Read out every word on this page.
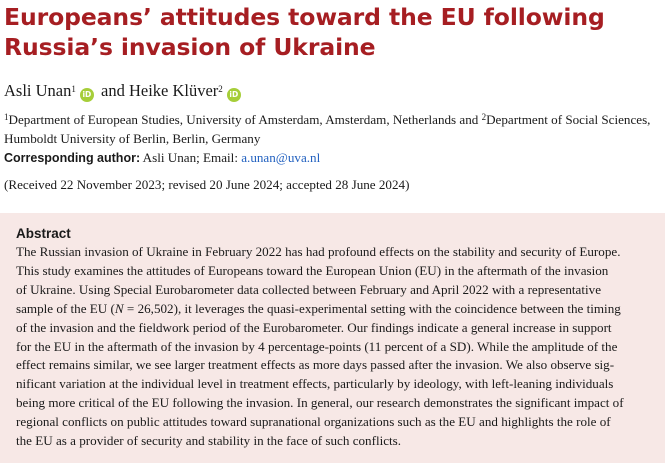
Europeans’ attitudes toward the EU following Russia’s invasion of Ukraine
Asli Unan$^1$iD and Heike Klüver$^2$iD
$^1$Department of European Studies, University of Amsterdam, Amsterdam, Netherlands and $^2$Department of Social Sciences,
Humboldt University of Berlin, Berlin, Germany
Corresponding author: Asli Unan; Email: a.unan@uva.nl
(Received 22 November 2023; revised 20 June 2024; accepted 28 June 2024)
Abstract

The Russian invasion of Ukraine in February 2022 has had profound effects on the stability and security of Europe.
This study examines the attitudes of Europeans toward the European Union (EU) in the aftermath of the invasion
of Ukraine. Using Special Eurobarometer data collected between February and April 2022 with a representative
sample of the EU (N = 26,502), it leverages the quasi-experimental setting with the coincidence between the timing
of the invasion and the fieldwork period of the Eurobarometer. Our findings indicate a general increase in support
for the EU in the aftermath of the invasion by 4 percentage-points (11 percent of a SD). While the amplitude of the
effect remains similar, we see larger treatment effects as more days passed after the invasion. We also observe sig-
nificant variation at the individual level in treatment effects, particularly by ideology, with left-leaning individuals
being more critical of the EU following the invasion. In general, our research demonstrates the significant impact of
regional conflicts on public attitudes toward supranational organizations such as the EU and highlights the role of
the EU as a provider of security and stability in the face of such conflicts.
